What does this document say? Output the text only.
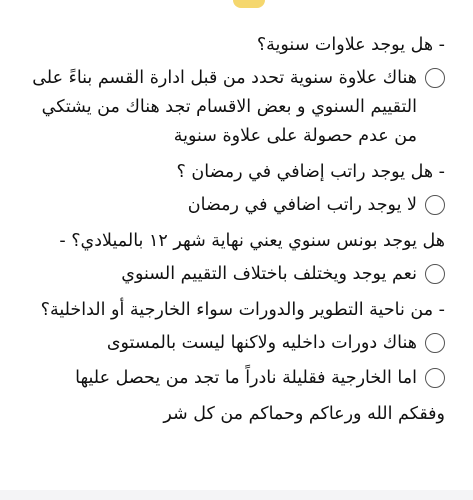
- هل يوجد علاوات سنوية؟
هناك علاوة سنوية تحدد من قبل ادارة القسم بناءً على التقييم السنوي و بعض الاقسام تجد هناك من يشتكي من عدم حصولة على علاوة سنوية
- هل يوجد راتب إضافي في رمضان ؟
لا يوجد راتب اضافي في رمضان
هل يوجد بونس سنوي يعني نهاية شهر ١٢ بالميلادي؟ -
نعم يوجد ويختلف باختلاف التقييم السنوي
- من ناحية التطوير والدورات سواء الخارجية أو الداخلية؟
هناك دورات داخليه ولاكنها ليست بالمستوى
اما الخارجية فقليلة نادراً ما تجد من يحصل عليها
وفقكم الله ورعاكم وحماكم من كل شر
